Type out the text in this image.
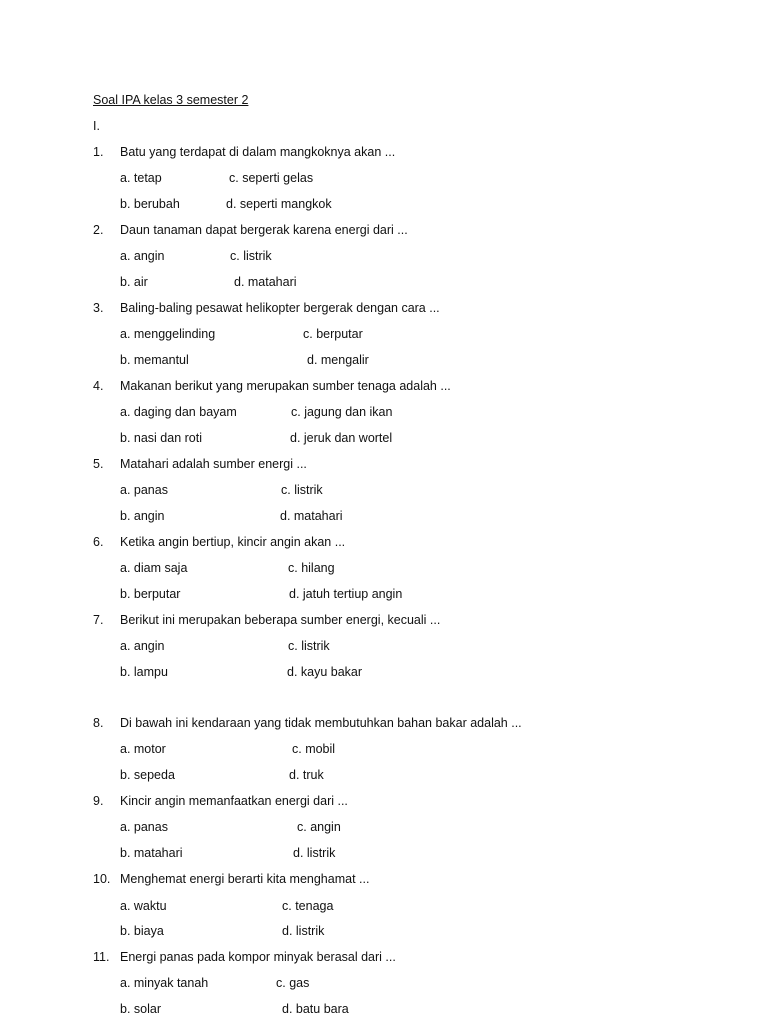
Soal IPA kelas 3 semester 2
I.
1. Batu yang terdapat di dalam mangkoknya akan ...
a. tetap	c. seperti gelas
b. berubah	d. seperti mangkok
2. Daun tanaman dapat bergerak karena energi dari ...
a. angin	c. listrik
b. air	d. matahari
3. Baling-baling pesawat helikopter bergerak dengan cara ...
a. menggelinding	c. berputar
b. memantul	d. mengalir
4. Makanan berikut yang merupakan sumber tenaga adalah ...
a. daging dan bayam	c. jagung dan ikan
b. nasi dan roti	d. jeruk dan wortel
5. Matahari adalah sumber energi ...
a. panas	c. listrik
b. angin	d. matahari
6. Ketika angin bertiup, kincir angin akan ...
a. diam saja	c. hilang
b. berputar	d. jatuh tertiup angin
7. Berikut ini merupakan beberapa sumber energi, kecuali ...
a. angin	c. listrik
b. lampu	d. kayu bakar
8. Di bawah ini kendaraan yang tidak membutuhkan bahan bakar adalah ...
a. motor	c. mobil
b. sepeda	d. truk
9. Kincir angin memanfaatkan energi dari ...
a. panas	c. angin
b. matahari	d. listrik
10. Menghemat energi berarti kita menghamat ...
a. waktu	c. tenaga
b. biaya	d. listrik
11. Energi panas pada kompor minyak berasal dari ...
a. minyak tanah	c. gas
b. solar	d. batu bara
